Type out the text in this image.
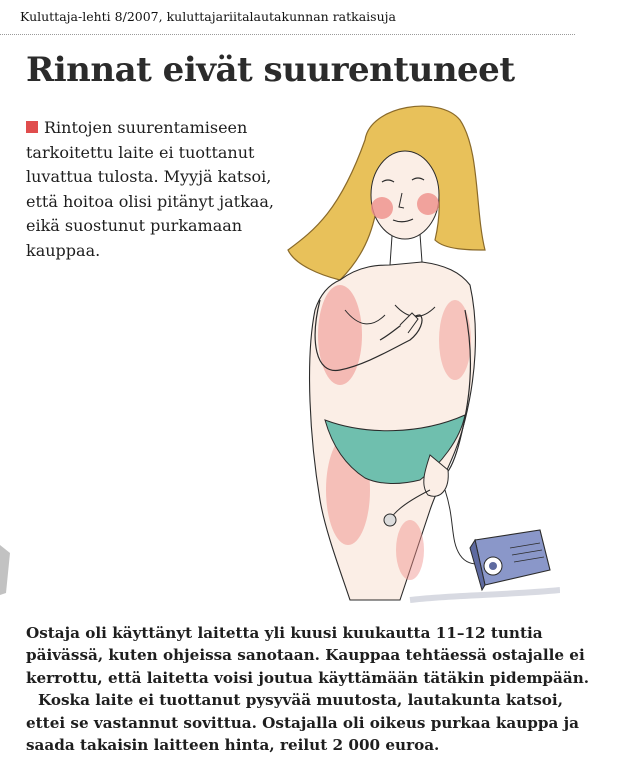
Kuluttaja-lehti 8/2007, kuluttajariitalautakunnan ratkaisuja
Rinnat eivät suurentuneet

Rintojen suurentamiseen tarkoitettu laite ei tuottanut luvattua tulosta. Myyjä katsoi, että hoitoa olisi pitänyt jatkaa, eikä suostunut purkamaan kauppaa.

Ostaja oli käyttänyt laitetta yli kuusi kuukautta 11–12 tuntia päivässä, kuten ohjeissa sanotaan. Kauppaa tehtäessä ostajalle ei kerrottu, että laitetta voisi joutua käyttämään tätäkin pidempään.

Koska laite ei tuottanut pysyvää muutosta, lautakunta katsoi, ettei se vastannut sovittua. Ostajalla oli oikeus purkaa kauppa ja saada takaisin laitteen hinta, reilut 2 000 euroa.
